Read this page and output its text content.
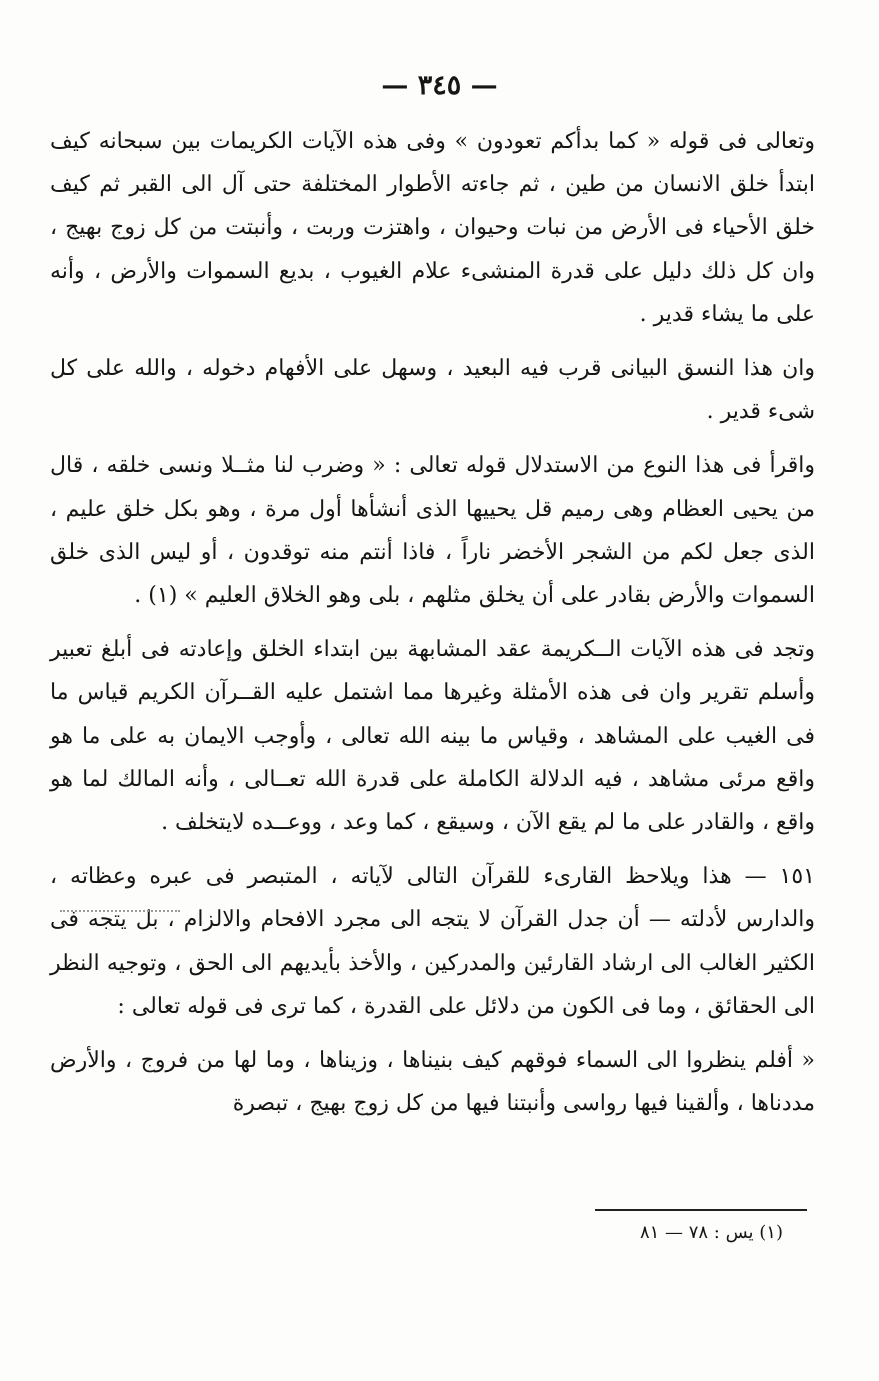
— ٣٤٥ —

وتعالى فى قوله « كما بدأكم تعودون » وفى هذه الآيات الكريمات بين سبحانه كيف ابتدأ خلق الانسان من طين ، ثم جاءته الأطوار المختلفة حتى آل الى القبر ثم كيف خلق الأحياء فى الأرض من نبات وحيوان ، واهتزت وربت ، وأنبتت من كل زوج بهيج ، وان كل ذلك دليل على قدرة المنشىء علام الغيوب ، بديع السموات والأرض ، وأنه على ما يشاء قدير .

وان هذا النسق البيانى قرب فيه البعيد ، وسهل على الأفهام دخوله ، والله على كل شىء قدير .

واقرأ فى هذا النوع من الاستدلال قوله تعالى : « وضرب لنا مثــلا ونسى خلقه ، قال من يحيى العظام وهى رميم قل يحييها الذى أنشأها أول مرة ، وهو بكل خلق عليم ، الذى جعل لكم من الشجر الأخضر ناراً ، فاذا أنتم منه توقدون ، أو ليس الذى خلق السموات والأرض بقادر على أن يخلق مثلهم ، بلى وهو الخلاق العليم » (١) .

وتجد فى هذه الآيات الــكريمة عقد المشابهة بين ابتداء الخلق وإعادته فى أبلغ تعبير وأسلم تقرير وان فى هذه الأمثلة وغيرها مما اشتمل عليه القــرآن الكريم قياس ما فى الغيب على المشاهد ، وقياس ما بينه الله تعالى ، وأوجب الايمان به على ما هو واقع مرئى مشاهد ، فيه الدلالة الكاملة على قدرة الله تعــالى ، وأنه المالك لما هو واقع ، والقادر على ما لم يقع الآن ، وسيقع ، كما وعد ، ووعــده لايتخلف .

١٥١ — هذا ويلاحظ القارىء للقرآن التالى لآياته ، المتبصر فى عبره وعظاته ، والدارس لأدلته — أن جدل القرآن لا يتجه الى مجرد الافحام والالزام ، بل يتجه فى الكثير الغالب الى ارشاد القارئين والمدركين ، والأخذ بأيديهم الى الحق ، وتوجيه النظر الى الحقائق ، وما فى الكون من دلائل على القدرة ، كما ترى فى قوله تعالى :

« أفلم ينظروا الى السماء فوقهم كيف بنيناها ، وزيناها ، وما لها من فروج ، والأرض مددناها ، وألقينا فيها رواسى وأنبتنا فيها من كل زوج بهيج ، تبصرة

(١) يس : ٧٨ — ٨١
